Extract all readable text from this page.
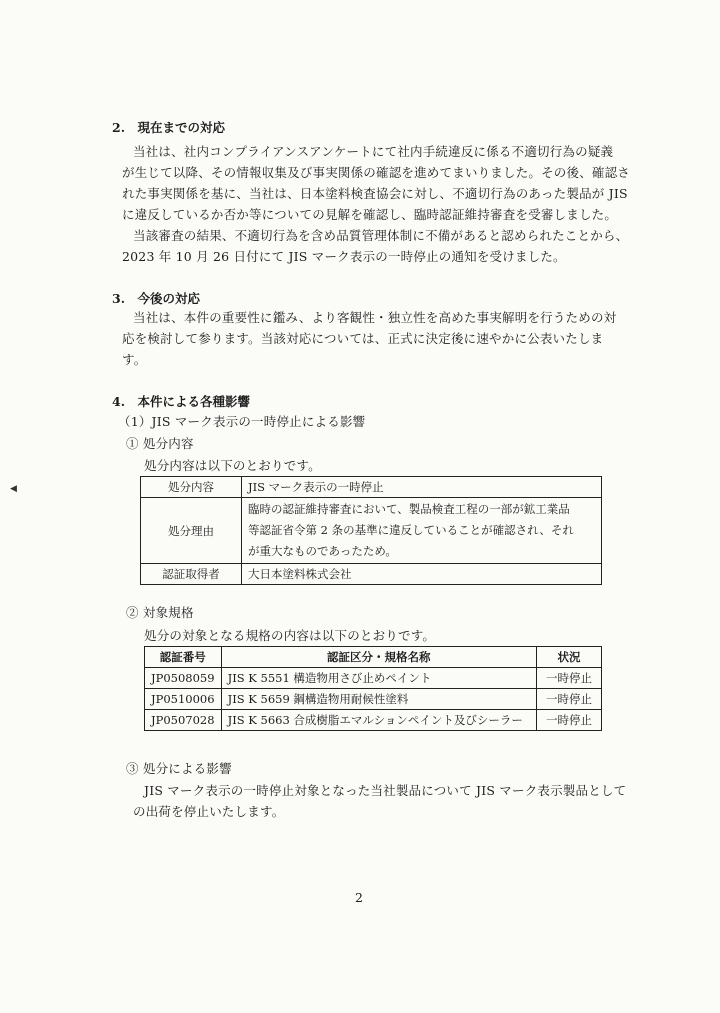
◀
2.　現在までの対応
当社は、社内コンプライアンスアンケートにて社内手続違反に係る不適切行為の疑義
が生じて以降、その情報収集及び事実関係の確認を進めてまいりました。その後、確認さ
れた事実関係を基に、当社は、日本塗料検査協会に対し、不適切行為のあった製品が JIS
に違反しているか否か等についての見解を確認し、臨時認証維持審査を受審しました。
当該審査の結果、不適切行為を含め品質管理体制に不備があると認められたことから、
2023 年 10 月 26 日付にて JIS マーク表示の一時停止の通知を受けました。
3.　今後の対応
当社は、本件の重要性に鑑み、より客観性・独立性を高めた事実解明を行うための対
応を検討して参ります。当該対応については、正式に決定後に速やかに公表いたしま
す。
4.　本件による各種影響
（1）JIS マーク表示の一時停止による影響
① 処分内容
処分内容は以下のとおりです。
処分内容	JIS マーク表示の一時停止
処分理由	臨時の認証維持審査において、製品検査工程の一部が鉱工業品
等認証省令第 2 条の基準に違反していることが確認され、それ
が重大なものであったため。

認証取得者	大日本塗料株式会社
② 対象規格
処分の対象となる規格の内容は以下のとおりです。
認証番号	認証区分・規格名称	状況
JP0508059	JIS K 5551 構造物用さび止めペイント	一時停止
JP0510006	JIS K 5659 鋼構造物用耐候性塗料	一時停止
JP0507028	JIS K 5663 合成樹脂エマルションペイント及びシーラー	一時停止
③ 処分による影響
JIS マーク表示の一時停止対象となった当社製品について JIS マーク表示製品として
の出荷を停止いたします。
2
